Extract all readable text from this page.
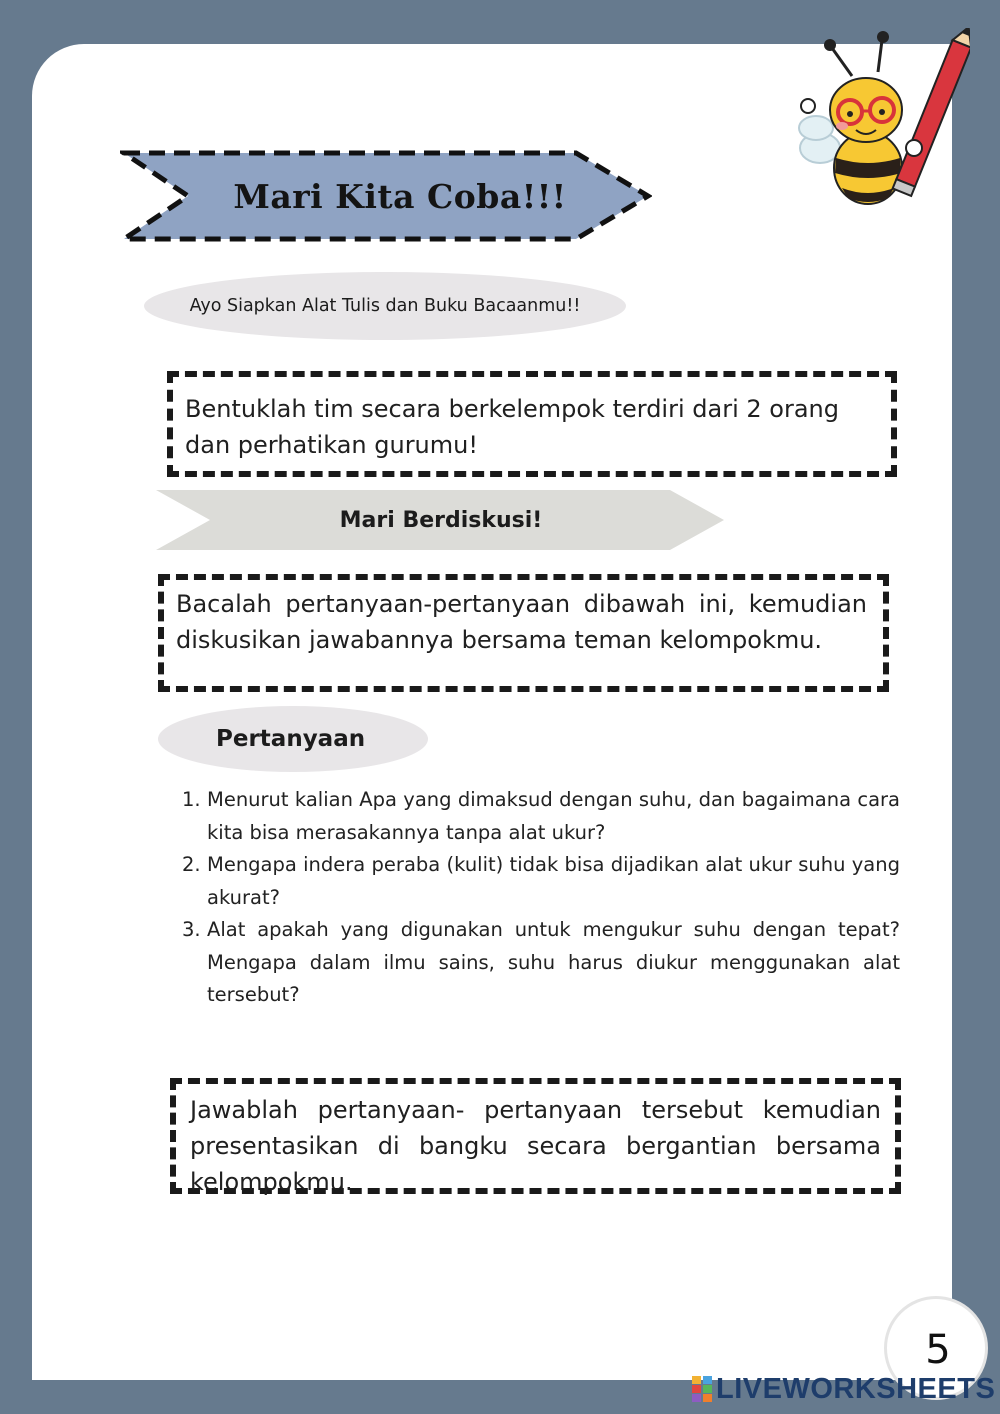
Mari Kita Coba!!!
Ayo Siapkan Alat Tulis dan Buku Bacaanmu!!
Bentuklah tim secara berkelempok terdiri dari 2 orang dan perhatikan gurumu!
Mari Berdiskusi!
Bacalah pertanyaan-pertanyaan dibawah ini, kemudian diskusikan jawabannya bersama teman kelompokmu.
Pertanyaan
1. Menurut kalian Apa yang dimaksud dengan suhu, dan bagaimana cara kita bisa merasakannya tanpa alat ukur?
2. Mengapa indera peraba (kulit) tidak bisa dijadikan alat ukur suhu yang akurat?
3. Alat apakah yang digunakan untuk mengukur suhu dengan tepat? Mengapa dalam ilmu sains, suhu harus diukur menggunakan alat tersebut?
Jawablah pertanyaan- pertanyaan tersebut kemudian presentasikan di bangku secara bergantian bersama kelompokmu.
5
LIVEWORKSHEETS
